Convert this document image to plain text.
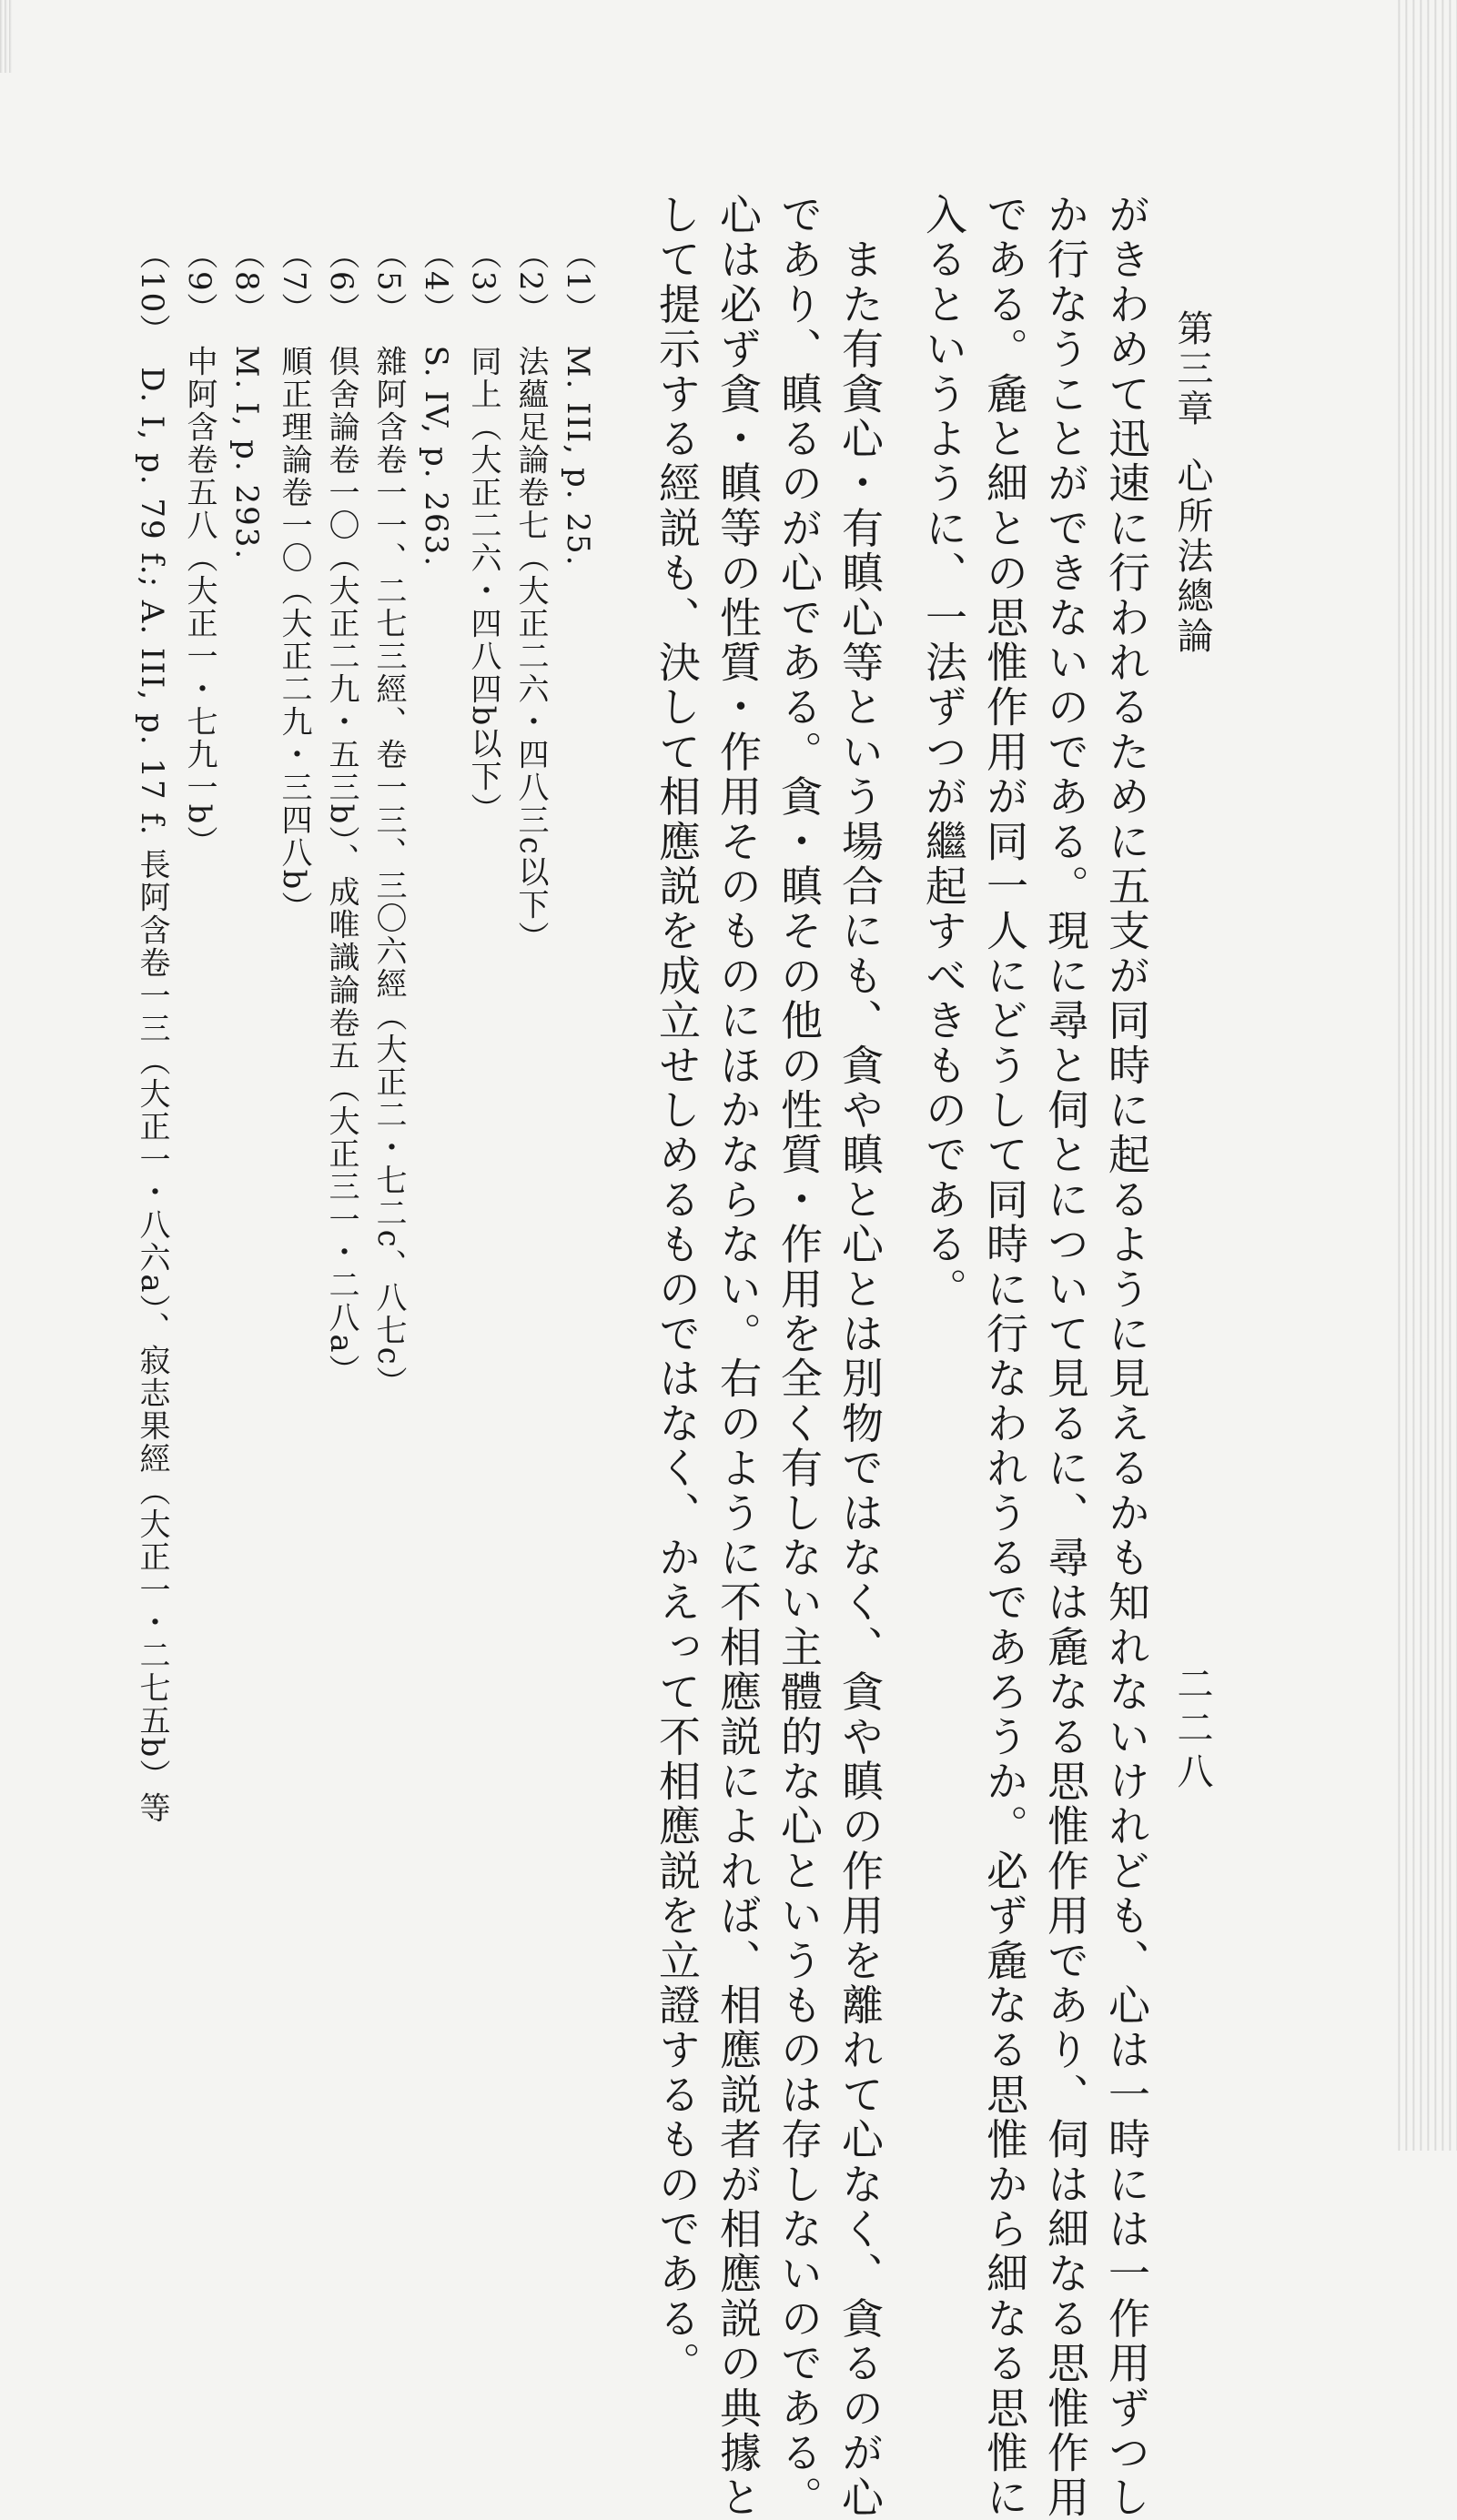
第三章心所法總論
二二八
がきわめて迅速に行われるために五支が同時に起るように見えるかも知れないけれども、心は一時には一作用ずつし
か行なうことができないのである。現に尋と伺とについて見るに、尋は麁なる思惟作用であり、伺は細なる思惟作用
である。麁と細との思惟作用が同一人にどうして同時に行なわれうるであろうか。必ず麁なる思惟から細なる思惟に
入るというように、一法ずつが繼起すべきものである。
　また有貪心・有瞋心等という場合にも、貪や瞋と心とは別物ではなく、貪や瞋の作用を離れて心なく、貪るのが心
であり、瞋るのが心である。貪・瞋その他の性質・作用を全く有しない主體的な心というものは存しないのである。
心は必ず貪・瞋等の性質・作用そのものにほかならない。右のように不相應説によれば、相應説者が相應説の典據と
して提示する經説も、決して相應説を成立せしめるものではなく、かえって不相應説を立證するものである。
（1）M. III, p. 25.
（2）法蘊足論卷七（大正二六・四八三c以下）
（3）同上（大正二六・四八四b以下）
（4）S. IV, p. 263.
（5）雜阿含卷一一、二七三經、卷一三、三〇六經（大正二・七二c、八七c）
（6）倶舍論卷一〇（大正二九・五三b）、成唯識論卷五（大正三一・二八a）
（7）順正理論卷一〇（大正二九・三四八b）
（8）M. I, p. 293.
（9）中阿含卷五八（大正一・七九一b）
（10）D. I, p. 79 f.; A. III, p. 17 f. 長阿含卷一三（大正一・八六a）、寂志果經（大正一・二七五b）等
